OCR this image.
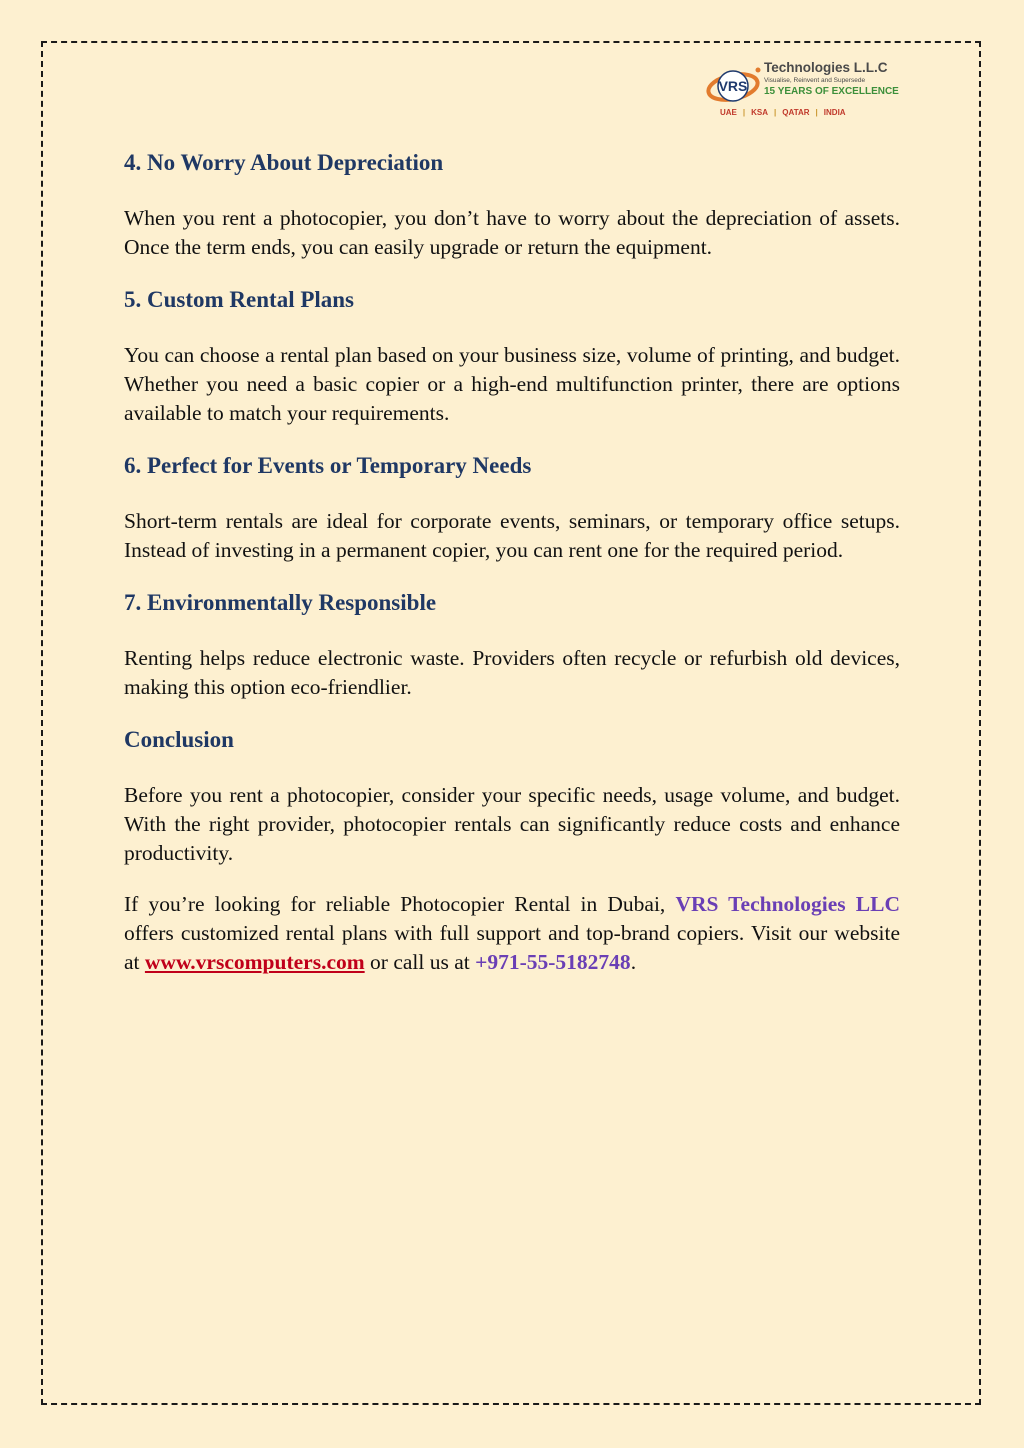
VRS
Technologies L.L.C
Visualise, Reinvent and Supersede
15 YEARS OF EXCELLENCE
UAE | KSA | QATAR | INDIA
4. No Worry About Depreciation

When you rent a photocopier, you don’t have to worry about the depreciation of assets. Once the term ends, you can easily upgrade or return the equipment.

5. Custom Rental Plans

You can choose a rental plan based on your business size, volume of printing, and budget. Whether you need a basic copier or a high-end multifunction printer, there are options available to match your requirements.

6. Perfect for Events or Temporary Needs

Short-term rentals are ideal for corporate events, seminars, or temporary office setups. Instead of investing in a permanent copier, you can rent one for the required period.

7. Environmentally Responsible

Renting helps reduce electronic waste. Providers often recycle or refurbish old devices, making this option eco-friendlier.

Conclusion

Before you rent a photocopier, consider your specific needs, usage volume, and budget. With the right provider, photocopier rentals can significantly reduce costs and enhance productivity.

If you’re looking for reliable Photocopier Rental in Dubai, VRS Technologies LLC offers customized rental plans with full support and top-brand copiers. Visit our website at www.vrscomputers.com or call us at +971-55-5182748.
